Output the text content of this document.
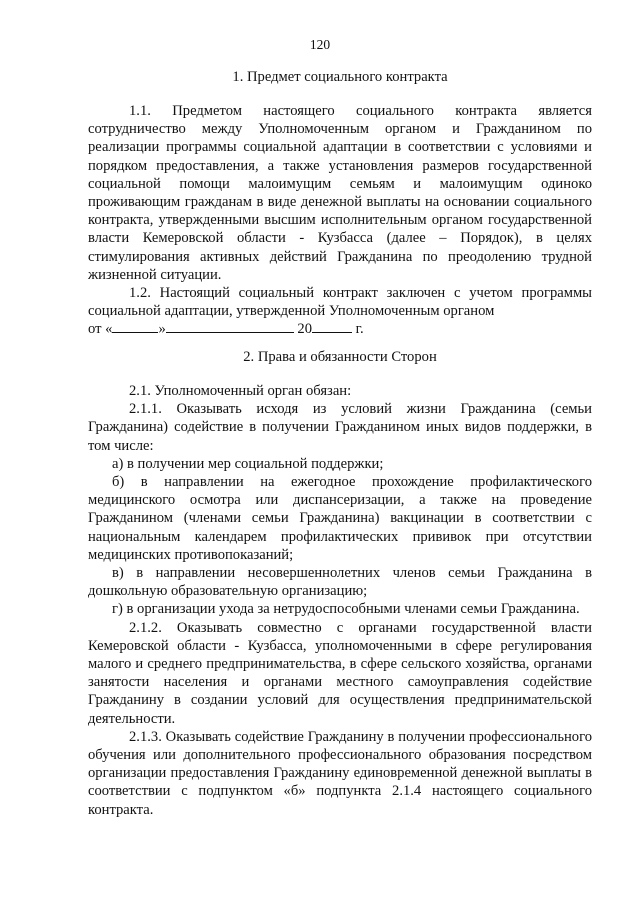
120
1. Предмет социального контракта

1.1. Предметом настоящего социального контракта является сотрудничество между Уполномоченным органом и Гражданином по реализации программы социальной адаптации в соответствии с условиями и порядком предоставления, а также установления размеров государственной социальной помощи малоимущим семьям и малоимущим одиноко проживающим гражданам в виде денежной выплаты на основании социального контракта, утвержденными высшим исполнительным органом государственной власти Кемеровской области - Кузбасса (далее – Порядок), в целях стимулирования активных действий Гражданина по преодолению трудной жизненной ситуации.

1.2. Настоящий социальный контракт заключен с учетом программы социальной адаптации, утвержденной Уполномоченным органом

от «	»	20	г.

2. Права и обязанности Сторон

2.1. Уполномоченный орган обязан:

2.1.1. Оказывать исходя из условий жизни Гражданина (семьи Гражданина) содействие в получении Гражданином иных видов поддержки, в том числе:

а) в получении мер социальной поддержки;

б) в направлении на ежегодное прохождение профилактического медицинского осмотра или диспансеризации, а также на проведение Гражданином (членами семьи Гражданина) вакцинации в соответствии с национальным календарем профилактических прививок при отсутствии медицинских противопоказаний;

в) в направлении несовершеннолетних членов семьи Гражданина в дошкольную образовательную организацию;

г) в организации ухода за нетрудоспособными членами семьи Гражданина.

2.1.2. Оказывать совместно с органами государственной власти Кемеровской области - Кузбасса, уполномоченными в сфере регулирования малого и среднего предпринимательства, в сфере сельского хозяйства, органами занятости населения и органами местного самоуправления содействие Гражданину в создании условий для осуществления предпринимательской деятельности.

2.1.3. Оказывать содействие Гражданину в получении профессионального обучения или дополнительного профессионального образования посредством организации предоставления Гражданину единовременной денежной выплаты в соответствии с подпунктом «б» подпункта 2.1.4 настоящего социального контракта.
